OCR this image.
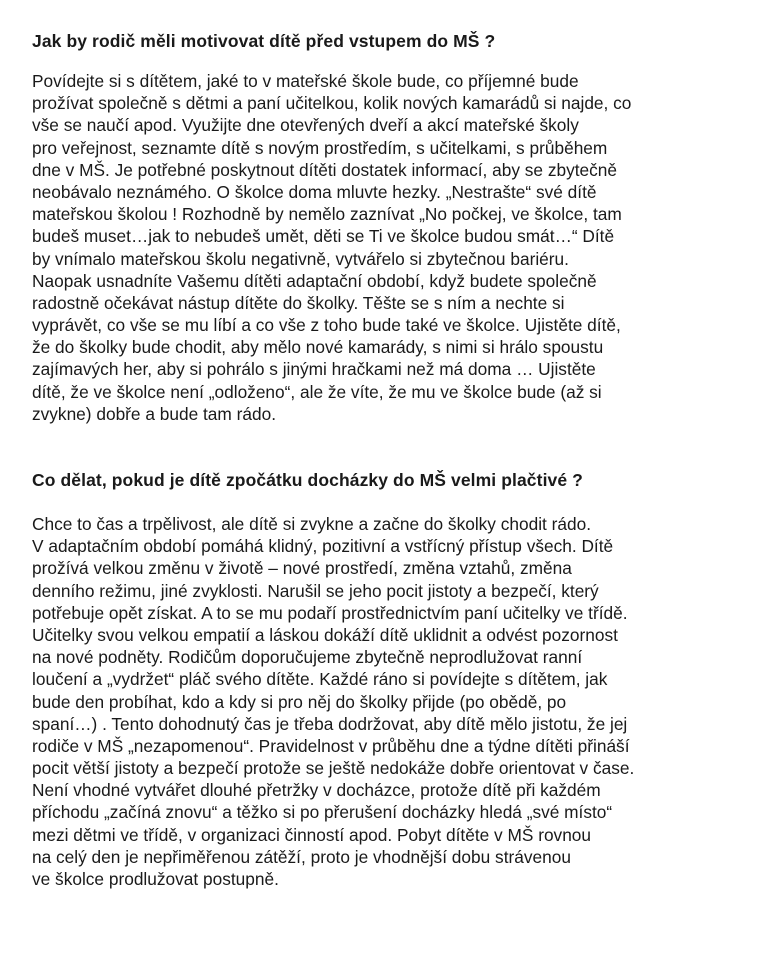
Jak by rodič měli motivovat dítě před vstupem do MŠ ?
Povídejte si s dítětem, jaké to v mateřské škole bude, co příjemné bude
prožívat společně s dětmi a paní učitelkou, kolik nových kamarádů si najde, co
vše se naučí apod. Využijte dne otevřených dveří a akcí mateřské školy
pro veřejnost, seznamte dítě s novým prostředím, s učitelkami, s průběhem
dne v MŠ. Je potřebné poskytnout dítěti dostatek informací, aby se zbytečně
neobávalo neznámého. O školce doma mluvte hezky. „Nestrašte“ své dítě
mateřskou školou ! Rozhodně by nemělo zaznívat „No počkej, ve školce, tam
budeš muset…jak to nebudeš umět, děti se Ti ve školce budou smát…“ Dítě
by vnímalo mateřskou školu negativně, vytvářelo si zbytečnou bariéru.
Naopak usnadníte Vašemu dítěti adaptační období, když budete společně
radostně očekávat nástup dítěte do školky. Těšte se s ním a nechte si
vyprávět, co vše se mu líbí a co vše z toho bude také ve školce. Ujistěte dítě,
že do školky bude chodit, aby mělo nové kamarády, s nimi si hrálo spoustu
zajímavých her, aby si pohrálo s jinými hračkami než má doma … Ujistěte
dítě, že ve školce není „odloženo“, ale že víte, že mu ve školce bude (až si
zvykne) dobře a bude tam rádo.
Co dělat, pokud je dítě zpočátku docházky do MŠ velmi plačtivé ?
Chce to čas a trpělivost, ale dítě si zvykne a začne do školky chodit rádo.
V adaptačním období pomáhá klidný, pozitivní a vstřícný přístup všech. Dítě
prožívá velkou změnu v životě – nové prostředí, změna vztahů, změna
denního režimu, jiné zvyklosti. Narušil se jeho pocit jistoty a bezpečí, který
potřebuje opět získat. A to se mu podaří prostřednictvím paní učitelky ve třídě.
Učitelky svou velkou empatií a láskou dokáží dítě uklidnit a odvést pozornost
na nové podněty. Rodičům doporučujeme zbytečně neprodlužovat ranní
loučení a „vydržet“ pláč svého dítěte. Každé ráno si povídejte s dítětem, jak
bude den probíhat, kdo a kdy si pro něj do školky přijde (po obědě, po
spaní…) . Tento dohodnutý čas je třeba dodržovat, aby dítě mělo jistotu, že jej
rodiče v MŠ „nezapomenou“. Pravidelnost v průběhu dne a týdne dítěti přináší
pocit větší jistoty a bezpečí protože se ještě nedokáže dobře orientovat v čase.
Není vhodné vytvářet dlouhé přetržky v docházce, protože dítě při každém
příchodu „začíná znovu“ a těžko si po přerušení docházky hledá „své místo“
mezi dětmi ve třídě, v organizaci činností apod. Pobyt dítěte v MŠ rovnou
na celý den je nepřiměřenou zátěží, proto je vhodnější dobu strávenou
ve školce prodlužovat postupně.
